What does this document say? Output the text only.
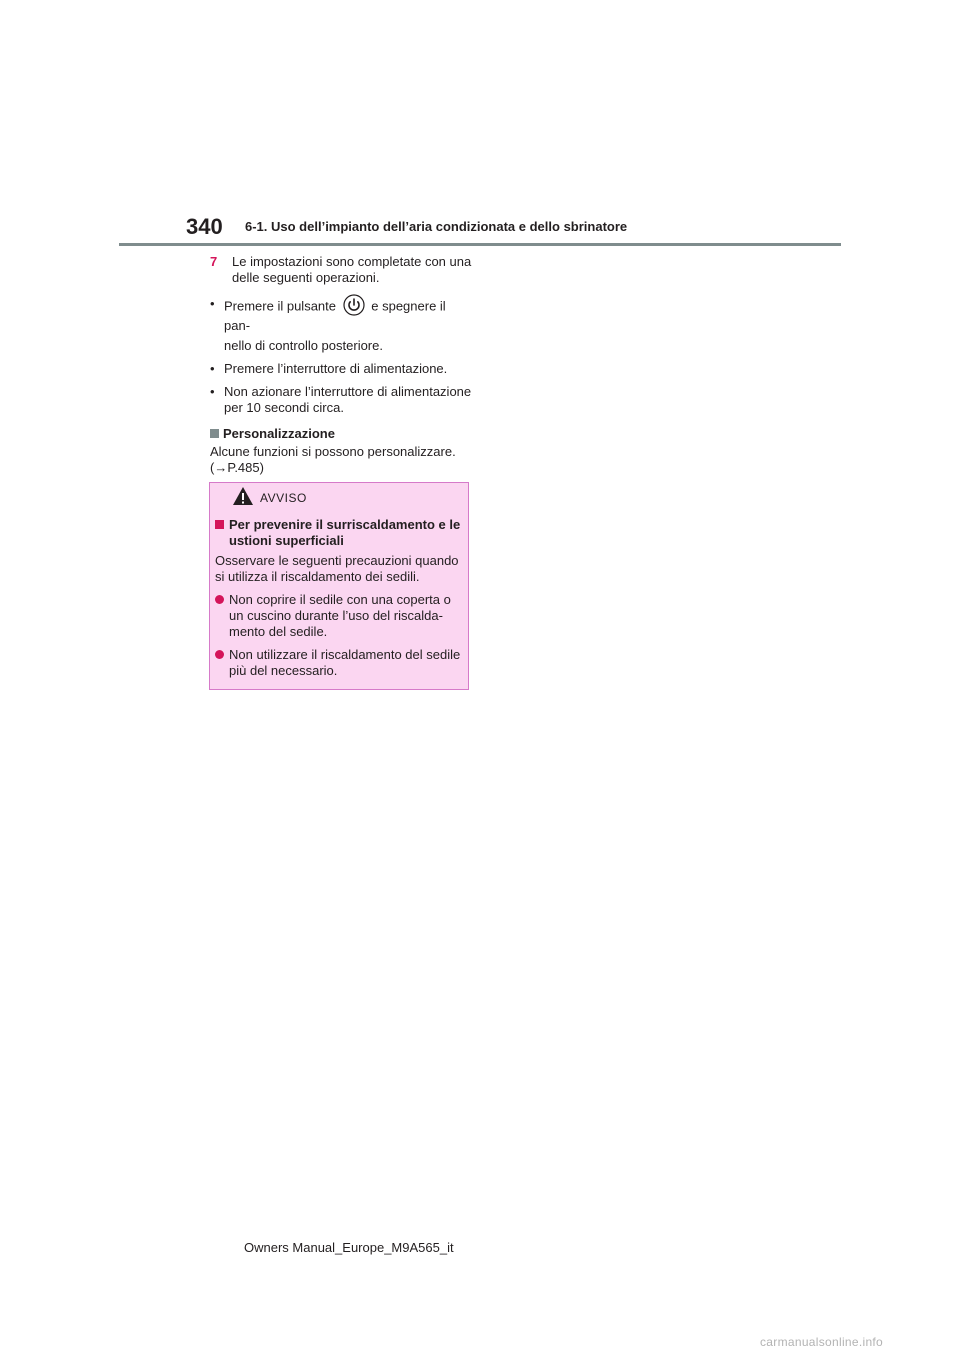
340 6-1. Uso dell’impianto dell’aria condizionata e dello sbrinatore
7 Le impostazioni sono completate con una delle seguenti operazioni.
• Premere il pulsante	e spegnere il pan-
nello di controllo posteriore.
• Premere l’interruttore di alimentazione.
• Non azionare l’interruttore di alimentazione per 10 secondi circa.
Personalizzazione
Alcune funzioni si possono personalizzare.
(→P.485)
AVVISO
Per prevenire il surriscaldamento e le ustioni superficiali
Osservare le seguenti precauzioni quando si utilizza il riscaldamento dei sedili.
Non coprire il sedile con una coperta o un cuscino durante l’uso del riscalda-mento del sedile.
Non utilizzare il riscaldamento del sedile più del necessario.
Owners Manual_Europe_M9A565_it
carmanualsonline.info
